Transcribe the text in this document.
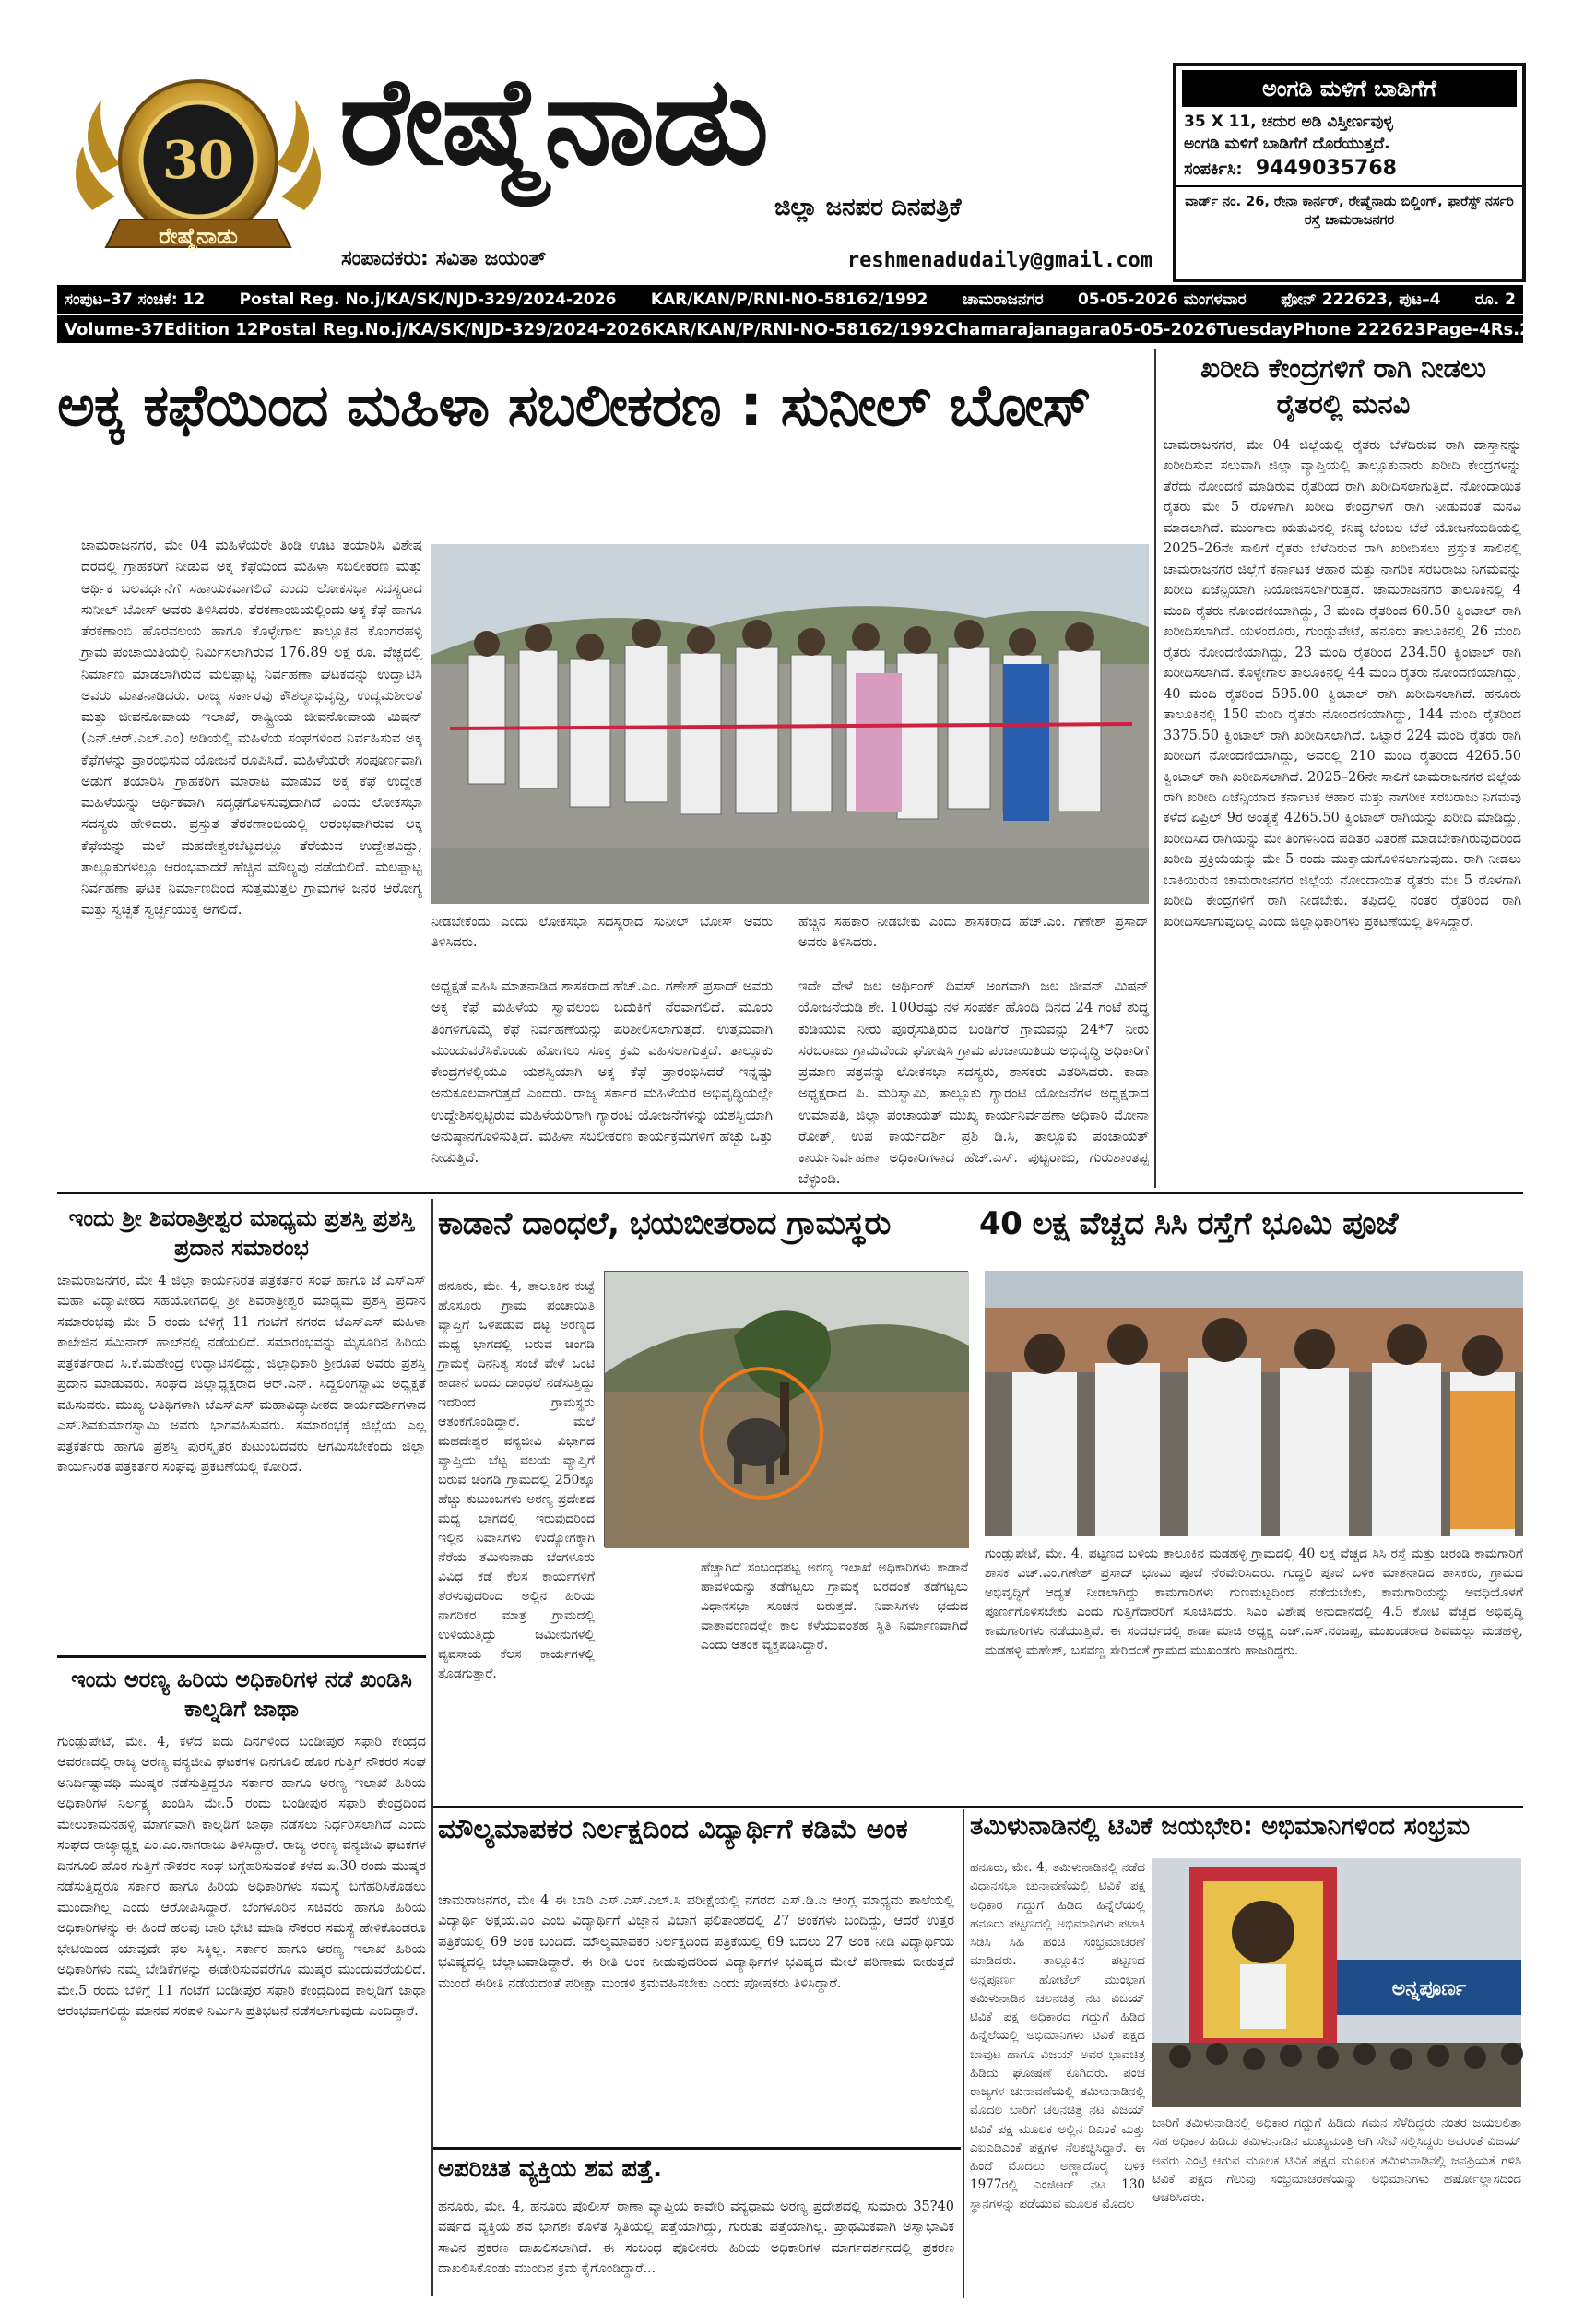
30
ರೇಷ್ಮೆನಾಡು
ರೇಷ್ಮೆನಾಡು
ಜಿಲ್ಲಾ ಜನಪರ ದಿನಪತ್ರಿಕೆ
ಸಂಪಾದಕರು: ಸವಿತಾ ಜಯಂತ್	reshmenadudaily@gmail.com
ಅಂಗಡಿ ಮಳಿಗೆ ಬಾಡಿಗೆಗೆ
35 X 11, ಚದುರ ಅಡಿ ವಿಸ್ತೀರ್ಣವುಳ್ಳ
ಅಂಗಡಿ ಮಳಿಗೆ ಬಾಡಿಗೆಗೆ ದೊರೆಯುತ್ತದೆ.
ಸಂಪರ್ಕಿಸಿ: 9449035768
ವಾರ್ಡ್ ನಂ. 26, ರೇನಾ ಕಾರ್ನರ್, ರೇಷ್ಮೆನಾಡು ಬಿಲ್ಡಿಂಗ್, ಫಾರೆಸ್ಟ್ ನರ್ಸರಿ ರಸ್ತೆ ಚಾಮರಾಜನಗರ
ಸಂಪುಟ–37 ಸಂಚಿಕೆ: 12 Postal Reg. No.j/KA/SK/NJD-329/2024-2026 KAR/KAN/P/RNI-NO-58162/1992 ಚಾಮರಾಜನಗರ 05-05-2026 ಮಂಗಳವಾರ ಫೋನ್ 222623, ಪುಟ–4 ರೂ. 2
Volume-37 Edition 12 Postal Reg.No.j/KA/SK/NJD-329/2024-2026 KAR/KAN/P/RNI-NO-58162/1992 Chamarajanagara 05-05-2026 Tuesday Phone 222623 Page-4 Rs.2
ಅಕ್ಕ ಕಫೆಯಿಂದ ಮಹಿಳಾ ಸಬಲೀಕರಣ : ಸುನೀಲ್ ಬೋಸ್
ಚಾಮರಾಜನಗರ, ಮೇ 04 ಮಹಿಳೆಯರೇ ತಿಂಡಿ ಊಟ ತಯಾರಿಸಿ ವಿಶೇಷ ದರದಲ್ಲಿ ಗ್ರಾಹಕರಿಗೆ ನೀಡುವ ಅಕ್ಕ ಕೆಫೆಯಿಂದ ಮಹಿಳಾ ಸಬಲೀಕರಣ ಮತ್ತು ಆರ್ಥಿಕ ಬಲವರ್ಧನೆಗೆ ಸಹಾಯಕವಾಗಲಿದೆ ಎಂದು ಲೋಕಸಭಾ ಸದಸ್ಯರಾದ ಸುನೀಲ್ ಬೋಸ್ ಅವರು ತಿಳಿಸಿದರು. ತೆರಕಣಾಂಬಿಯಲ್ಲಿಂದು ಅಕ್ಕ ಕೆಫೆ ಹಾಗೂ ತೆರಕಣಾಂಬಿ ಹೊರವಲಯ ಹಾಗೂ ಕೊಳ್ಳೇಗಾಲ ತಾಲ್ಲೂಕಿನ ಕೊಂಗರಹಳ್ಳಿ ಗ್ರಾಮ ಪಂಚಾಯಿತಿಯಲ್ಲಿ ನಿರ್ಮಿಸಲಾಗಿರುವ 176.89 ಲಕ್ಷ ರೂ. ವೆಚ್ಚದಲ್ಲಿ ನಿರ್ಮಾಣ ಮಾಡಲಾಗಿರುವ ಮಲಪ್ಪಾಟ್ಟ ನಿರ್ವಹಣಾ ಘಟಕವನ್ನು ಉದ್ಘಾಟಿಸಿ ಅವರು ಮಾತನಾಡಿದರು. ರಾಜ್ಯ ಸರ್ಕಾರವು ಕೌಶಲ್ಯಾಭಿವೃದ್ಧಿ, ಉದ್ಯಮಶೀಲತೆ ಮತ್ತು ಜೀವನೋಪಾಯ ಇಲಾಖೆ, ರಾಷ್ಟ್ರೀಯ ಜೀವನೋಪಾಯ ಮಿಷನ್ (ಎನ್.ಆರ್.ಎಲ್.ಎಂ) ಅಡಿಯಲ್ಲಿ ಮಹಿಳೆಯ ಸಂಘಗಳಿಂದ ನಿರ್ವಹಿಸುವ ಅಕ್ಕ ಕೆಫೆಗಳನ್ನು ಪ್ರಾರಂಭಿಸುವ ಯೋಜನೆ ರೂಪಿಸಿದೆ. ಮಹಿಳೆಯರೇ ಸಂಪೂರ್ಣವಾಗಿ ಅಡುಗೆ ತಯಾರಿಸಿ ಗ್ರಾಹಕರಿಗೆ ಮಾರಾಟ ಮಾಡುವ ಅಕ್ಕ ಕೆಫೆ ಉದ್ದೇಶ ಮಹಿಳೆಯನ್ನು ಆರ್ಥಿಕವಾಗಿ ಸದೃಢಗೊಳಿಸುವುದಾಗಿದೆ ಎಂದು ಲೋಕಸಭಾ ಸದಸ್ಯರು ಹೇಳಿದರು. ಪ್ರಸ್ತುತ ತೆರಕಣಾಂಬಿಯಲ್ಲಿ ಆರಂಭವಾಗಿರುವ ಅಕ್ಕ ಕೆಫೆಯನ್ನು ಮಲೆ ಮಹದೇಶ್ವರಬೆಟ್ಟದಲ್ಲೂ ತೆರೆಯುವ ಉದ್ದೇಶವಿದ್ದು, ತಾಲ್ಲೂಕುಗಳಲ್ಲೂ ಆರಂಭವಾದರೆ ಹೆಚ್ಚಿನ ಮೌಲ್ಯವು ನಡೆಯಲಿದೆ. ಮಲಪ್ಪಾಟ್ಟ ನಿರ್ವಹಣಾ ಘಟಕ ನಿರ್ಮಾಣದಿಂದ ಸುತ್ತಮುತ್ತಲ ಗ್ರಾಮಗಳ ಜನರ ಆರೋಗ್ಯ ಮತ್ತು ಸ್ವಚ್ಛತೆ ಸ್ವರ್ಚ್ಛಯುಕ್ತ ಆಗಲಿದೆ.
ನೀಡಬೇಕೆಂದು ಎಂದು ಲೋಕಸಭಾ ಸದಸ್ಯರಾದ ಸುನೀಲ್ ಬೋಸ್ ಅವರು ತಿಳಿಸಿದರು.
ಹೆಚ್ಚಿನ ಸಹಕಾರ ನೀಡಬೇಕು ಎಂದು ಶಾಸಕರಾದ ಹೆಚ್.ಎಂ. ಗಣೇಶ್ ಪ್ರಸಾದ್ ಅವರು ತಿಳಿಸಿದರು.
ಅಧ್ಯಕ್ಷತೆ ವಹಿಸಿ ಮಾತನಾಡಿದ ಶಾಸಕರಾದ ಹೆಚ್.ಎಂ. ಗಣೇಶ್ ಪ್ರಸಾದ್ ಅವರು ಅಕ್ಕ ಕೆಫೆ ಮಹಿಳೆಯ ಸ್ವಾವಲಂಬಿ ಬದುಕಿಗೆ ನೆರವಾಗಲಿದೆ. ಮೂರು ತಿಂಗಳಿಗೊಮ್ಮೆ ಕೆಫೆ ನಿರ್ವಹಣೆಯನ್ನು ಪರಿಶೀಲಿಸಲಾಗುತ್ತದೆ. ಉತ್ತಮವಾಗಿ ಮುಂದುವರೆಸಿಕೊಂಡು ಹೋಗಲು ಸೂಕ್ತ ಕ್ರಮ ವಹಿಸಲಾಗುತ್ತದೆ. ತಾಲ್ಲೂಕು ಕೇಂದ್ರಗಳಲ್ಲಿಯೂ ಯಶಸ್ವಿಯಾಗಿ ಅಕ್ಕ ಕೆಫೆ ಪ್ರಾರಂಭಿಸಿದರೆ ಇನ್ನಷ್ಟು ಅನುಕೂಲವಾಗುತ್ತದೆ ಎಂದರು. ರಾಜ್ಯ ಸರ್ಕಾರ ಮಹಿಳೆಯರ ಅಭಿವೃದ್ಧಿಯಲ್ಲೇ ಉದ್ದೇಶಿಸಲ್ಪಟ್ಟಿರುವ ಮಹಿಳೆಯರಿಗಾಗಿ ಗ್ಯಾರಂಟಿ ಯೋಜನೆಗಳನ್ನು ಯಶಸ್ವಿಯಾಗಿ ಅನುಷ್ಠಾನಗೊಳಿಸುತ್ತಿದೆ. ಮಹಿಳಾ ಸಬಲೀಕರಣ ಕಾರ್ಯಕ್ರಮಗಳಿಗೆ ಹೆಚ್ಚು ಒತ್ತು ನೀಡುತ್ತಿದೆ.
ಇದೇ ವೇಳೆ ಜಲ ಅರ್ಥಿಂಗ್ ದಿವಸ್ ಅಂಗವಾಗಿ ಜಲ ಜೀವನ್ ಮಿಷನ್ ಯೋಜನೆಯಡಿ ಶೇ. 100ರಷ್ಟು ನಳ ಸಂಪರ್ಕ ಹೊಂದಿ ದಿನದ 24 ಗಂಟೆ ಶುದ್ಧ ಕುಡಿಯುವ ನೀರು ಪೂರೈಸುತ್ತಿರುವ ಬಂಡಿಗೆರೆ ಗ್ರಾಮವನ್ನು 24*7 ನೀರು ಸರಬರಾಜು ಗ್ರಾಮವೆಂದು ಘೋಷಿಸಿ ಗ್ರಾಮ ಪಂಚಾಯಿತಿಯ ಅಭಿವೃದ್ಧಿ ಅಧಿಕಾರಿಗೆ ಪ್ರಮಾಣ ಪತ್ರವನ್ನು ಲೋಕಸಭಾ ಸದಸ್ಯರು, ಶಾಸಕರು ವಿತರಿಸಿದರು. ಕಾಡಾ ಅಧ್ಯಕ್ಷರಾದ ಪಿ. ಮರಿಸ್ವಾಮಿ, ತಾಲ್ಲೂಕು ಗ್ಯಾರಂಟಿ ಯೋಜನೆಗಳ ಅಧ್ಯಕ್ಷರಾದ ಉಮಾಪತಿ, ಜಿಲ್ಲಾ ಪಂಚಾಯತ್ ಮುಖ್ಯ ಕಾರ್ಯನಿರ್ವಹಣಾ ಅಧಿಕಾರಿ ಮೋನಾ ರೋತ್, ಉಪ ಕಾರ್ಯದರ್ಶಿ ಪ್ರಶಿ ಡಿ.ಸಿ, ತಾಲ್ಲೂಕು ಪಂಚಾಯತ್ ಕಾರ್ಯನಿರ್ವಹಣಾ ಅಧಿಕಾರಿಗಳಾದ ಹೆಚ್.ಎಸ್. ಪುಟ್ಟರಾಜು, ಗುರುಶಾಂತಪ್ಪ ಬೆಳ್ಳುಂಡಿ.
ಖರೀದಿ ಕೇಂದ್ರಗಳಿಗೆ ರಾಗಿ ನೀಡಲು ರೈತರಲ್ಲಿ ಮನವಿ
ಚಾಮರಾಜನಗರ, ಮೇ 04 ಜಿಲ್ಲೆಯಲ್ಲಿ ರೈತರು ಬೆಳೆದಿರುವ ರಾಗಿ ದಾಸ್ತಾನನ್ನು ಖರೀದಿಸುವ ಸಲುವಾಗಿ ಜಿಲ್ಲಾ ವ್ಯಾಪ್ತಿಯಲ್ಲಿ ತಾಲ್ಲೂಕುವಾರು ಖರೀದಿ ಕೇಂದ್ರಗಳನ್ನು ತೆರೆದು ನೋಂದಣಿ ಮಾಡಿರುವ ರೈತರಿಂದ ರಾಗಿ ಖರೀದಿಸಲಾಗುತ್ತಿದೆ. ನೋಂದಾಯಿತ ರೈತರು ಮೇ 5 ರೊಳಗಾಗಿ ಖರೀದಿ ಕೇಂದ್ರಗಳಿಗೆ ರಾಗಿ ನೀಡುವಂತೆ ಮನವಿ ಮಾಡಲಾಗಿದೆ. ಮುಂಗಾರು ಋತುವಿನಲ್ಲಿ ಕನಿಷ್ಠ ಬೆಂಬಲ ಬೆಲೆ ಯೋಜನೆಯಡಿಯಲ್ಲಿ 2025–26ನೇ ಸಾಲಿಗೆ ರೈತರು ಬೆಳೆದಿರುವ ರಾಗಿ ಖರೀದಿಸಲು ಪ್ರಸ್ತುತ ಸಾಲಿನಲ್ಲಿ ಚಾಮರಾಜನಗರ ಜಿಲ್ಲೆಗೆ ಕರ್ನಾಟಕ ಆಹಾರ ಮತ್ತು ನಾಗರಿಕ ಸರಬರಾಜು ನಿಗಮವನ್ನು ಖರೀದಿ ಏಜೆನ್ಸಿಯಾಗಿ ನಿಯೋಜಿಸಲಾಗಿರುತ್ತದೆ. ಚಾಮರಾಜನಗರ ತಾಲೂಕಿನಲ್ಲಿ 4 ಮಂದಿ ರೈತರು ನೋಂದಣಿಯಾಗಿದ್ದು, 3 ಮಂದಿ ರೈತರಿಂದ 60.50 ಕ್ವಿಂಟಾಲ್ ರಾಗಿ ಖರೀದಿಸಲಾಗಿದೆ. ಯಳಂದೂರು, ಗುಂಡ್ಲುಪೇಟೆ, ಹನೂರು ತಾಲೂಕಿನಲ್ಲಿ 26 ಮಂದಿ ರೈತರು ನೋಂದಣಿಯಾಗಿದ್ದು, 23 ಮಂದಿ ರೈತರಿಂದ 234.50 ಕ್ವಿಂಟಾಲ್ ರಾಗಿ ಖರೀದಿಸಲಾಗಿದೆ. ಕೊಳ್ಳೇಗಾಲ ತಾಲೂಕಿನಲ್ಲಿ 44 ಮಂದಿ ರೈತರು ನೋಂದಣಿಯಾಗಿದ್ದು, 40 ಮಂದಿ ರೈತರಿಂದ 595.00 ಕ್ವಿಂಟಾಲ್ ರಾಗಿ ಖರೀದಿಸಲಾಗಿದೆ. ಹನೂರು ತಾಲೂಕಿನಲ್ಲಿ 150 ಮಂದಿ ರೈತರು ನೋಂದಣಿಯಾಗಿದ್ದು, 144 ಮಂದಿ ರೈತರಿಂದ 3375.50 ಕ್ವಿಂಟಾಲ್ ರಾಗಿ ಖರೀದಿಸಲಾಗಿದೆ. ಒಟ್ಟಾರೆ 224 ಮಂದಿ ರೈತರು ರಾಗಿ ಖರೀದಿಗೆ ನೋಂದಣಿಯಾಗಿದ್ದು, ಅವರಲ್ಲಿ 210 ಮಂದಿ ರೈತರಿಂದ 4265.50 ಕ್ವಿಂಟಾಲ್ ರಾಗಿ ಖರೀದಿಸಲಾಗಿದೆ. 2025–26ನೇ ಸಾಲಿಗೆ ಚಾಮರಾಜನಗರ ಜಿಲ್ಲೆಯ ರಾಗಿ ಖರೀದಿ ಏಜೆನ್ಸಿಯಾದ ಕರ್ನಾಟಕ ಆಹಾರ ಮತ್ತು ನಾಗರೀಕ ಸರಬರಾಜು ನಿಗಮವು ಕಳೆದ ಏಪ್ರಿಲ್ 9ರ ಅಂತ್ಯಕ್ಕೆ 4265.50 ಕ್ವಿಂಟಾಲ್ ರಾಗಿಯನ್ನು ಖರೀದಿ ಮಾಡಿದ್ದು, ಖರೀದಿಸಿದ ರಾಗಿಯನ್ನು ಮೇ ತಿಂಗಳಿನಿಂದ ಪಡಿತರ ವಿತರಣೆ ಮಾಡಬೇಕಾಗಿರುವುದರಿಂದ ಖರೀದಿ ಪ್ರಕ್ರಿಯೆಯನ್ನು ಮೇ 5 ರಂದು ಮುಕ್ತಾಯಗೊಳಿಸಲಾಗುವುದು. ರಾಗಿ ನೀಡಲು ಬಾಕಿಯಿರುವ ಚಾಮರಾಜನಗರ ಜಿಲ್ಲೆಯ ನೋಂದಾಯಿತ ರೈತರು ಮೇ 5 ರೊಳಗಾಗಿ ಖರೀದಿ ಕೇಂದ್ರಗಳಿಗೆ ರಾಗಿ ನೀಡಬೇಕು. ತಪ್ಪಿದಲ್ಲಿ ನಂತರ ರೈತರಿಂದ ರಾಗಿ ಖರೀದಿಸಲಾಗುವುದಿಲ್ಲ ಎಂದು ಜಿಲ್ಲಾಧಿಕಾರಿಗಳು ಪ್ರಕಟಣೆಯಲ್ಲಿ ತಿಳಿಸಿದ್ದಾರೆ.
ಇಂದು ಶ್ರೀ ಶಿವರಾತ್ರೀಶ್ವರ ಮಾಧ್ಯಮ ಪ್ರಶಸ್ತಿ ಪ್ರಶಸ್ತಿ ಪ್ರದಾನ ಸಮಾರಂಭ
ಚಾಮರಾಜನಗರ, ಮೇ 4 ಜಿಲ್ಲಾ ಕಾರ್ಯನಿರತ ಪತ್ರಕರ್ತರ ಸಂಘ ಹಾಗೂ ಜೆ ಎಸ್‌ಎಸ್ ಮಹಾ ವಿದ್ಯಾಪೀಠದ ಸಹಯೋಗದಲ್ಲಿ ಶ್ರೀ ಶಿವರಾತ್ರೀಶ್ವರ ಮಾಧ್ಯಮ ಪ್ರಶಸ್ತಿ ಪ್ರದಾನ ಸಮಾರಂಭವು ಮೇ 5 ರಂದು ಬೆಳಿಗ್ಗೆ 11 ಗಂಟೆಗೆ ನಗರದ ಜೆಎಸ್‌ಎಸ್ ಮಹಿಳಾ ಕಾಲೇಜಿನ ಸೆಮಿನಾರ್ ಹಾಲ್‌ನಲ್ಲಿ ನಡೆಯಲಿದೆ. ಸಮಾರಂಭವನ್ನು ಮೈಸೂರಿನ ಹಿರಿಯ ಪತ್ರಕರ್ತರಾದ ಸಿ.ಕೆ.ಮಹೇಂದ್ರ ಉದ್ಘಾಟಿಸಲಿದ್ದು, ಜಿಲ್ಲಾಧಿಕಾರಿ ಶ್ರೀರೂಪ ಅವರು ಪ್ರಶಸ್ತಿ ಪ್ರದಾನ ಮಾಡುವರು. ಸಂಘದ ಜಿಲ್ಲಾಧ್ಯಕ್ಷರಾದ ಆರ್.ಎನ್. ಸಿದ್ದಲಿಂಗಸ್ವಾಮಿ ಅಧ್ಯಕ್ಷತೆ ವಹಿಸುವರು. ಮುಖ್ಯ ಅತಿಥಿಗಳಾಗಿ ಜೆಎಸ್‌ಎಸ್ ಮಹಾವಿದ್ಯಾಪೀಠದ ಕಾರ್ಯದರ್ಶಿಗಳಾದ ಎಸ್.ಶಿವಕುಮಾರಸ್ವಾಮಿ ಅವರು ಭಾಗವಹಿಸುವರು. ಸಮಾರಂಭಕ್ಕೆ ಜಿಲ್ಲೆಯ ಎಲ್ಲ ಪತ್ರಕರ್ತರು ಹಾಗೂ ಪ್ರಶಸ್ತಿ ಪುರಸ್ಕೃತರ ಕುಟುಂಬದವರು ಆಗಮಿಸಬೇಕೆಂದು ಜಿಲ್ಲಾ ಕಾರ್ಯನಿರತ ಪತ್ರಕರ್ತರ ಸಂಘವು ಪ್ರಕಟಣೆಯಲ್ಲಿ ಕೋರಿದೆ.
ಇಂದು ಅರಣ್ಯ ಹಿರಿಯ ಅಧಿಕಾರಿಗಳ ನಡೆ ಖಂಡಿಸಿ ಕಾಲ್ನಡಿಗೆ ಜಾಥಾ
ಗುಂಡ್ಲುಪೇಟೆ, ಮೇ. 4, ಕಳೆದ ಐದು ದಿನಗಳಿಂದ ಬಂಡೀಪುರ ಸಫಾರಿ ಕೇಂದ್ರದ ಆವರಣದಲ್ಲಿ ರಾಜ್ಯ ಅರಣ್ಯ ವನ್ಯಜೀವಿ ಘಟಕಗಳ ದಿನಗೂಲಿ ಹೊರ ಗುತ್ತಿಗೆ ನೌಕರರ ಸಂಘ ಅನಿರ್ದಿಷ್ಟಾವಧಿ ಮುಷ್ಕರ ನಡೆಸುತ್ತಿದ್ದರೂ ಸರ್ಕಾರ ಹಾಗೂ ಅರಣ್ಯ ಇಲಾಖೆ ಹಿರಿಯ ಅಧಿಕಾರಿಗಳ ನಿರ್ಲಕ್ಷ್ಯ ಖಂಡಿಸಿ ಮೇ.5 ರಂದು ಬಂಡೀಪುರ ಸಫಾರಿ ಕೇಂದ್ರದಿಂದ ಮೇಲುಕಾಮನಹಳ್ಳಿ ಮಾರ್ಗವಾಗಿ ಕಾಲ್ನಡಿಗೆ ಜಾಥಾ ನಡೆಸಲು ನಿರ್ಧರಿಸಲಾಗಿದೆ ಎಂದು ಸಂಘದ ರಾಜ್ಯಾಧ್ಯಕ್ಷ ಎಂ.ಎಂ.ನಾಗರಾಜು ತಿಳಿಸಿದ್ದಾರೆ. ರಾಜ್ಯ ಅರಣ್ಯ ವನ್ಯಜೀವಿ ಘಟಕಗಳ ದಿನಗೂಲಿ ಹೊರ ಗುತ್ತಿಗೆ ನೌಕರರ ಸಂಘ ಬಗ್ಗೆಹರಿಸುವಂತೆ ಕಳೆದ ಏ.30 ರಂದು ಮುಷ್ಕರ ನಡೆಸುತ್ತಿದ್ದರೂ ಸರ್ಕಾರ ಹಾಗೂ ಹಿರಿಯ ಅಧಿಕಾರಿಗಳು ಸಮಸ್ಯೆ ಬಗೆಹರಿಸಿಕೊಡಲು ಮುಂದಾಗಿಲ್ಲ ಎಂದು ಆರೋಪಿಸಿದ್ದಾರೆ. ಬೆಂಗಳೂರಿನ ಸಚಿವರು ಹಾಗೂ ಹಿರಿಯ ಅಧಿಕಾರಿಗಳನ್ನು ಈ ಹಿಂದೆ ಹಲವು ಬಾರಿ ಭೇಟಿ ಮಾಡಿ ನೌಕರರ ಸಮಸ್ಯೆ ಹೇಳಿಕೊಂಡರೂ ಭೇಟಿಯಿಂದ ಯಾವುದೇ ಫಲ ಸಿಕ್ಕಿಲ್ಲ. ಸರ್ಕಾರ ಹಾಗೂ ಅರಣ್ಯ ಇಲಾಖೆ ಹಿರಿಯ ಅಧಿಕಾರಿಗಳು ನಮ್ಮ ಬೇಡಿಕೆಗಳನ್ನು ಈಡೇರಿಸುವವರೆಗೂ ಮುಷ್ಕರ ಮುಂದುವರೆಯಲಿದೆ. ಮೇ.5 ರಂದು ಬೆಳಿಗ್ಗೆ 11 ಗಂಟೆಗೆ ಬಂಡೀಪುರ ಸಫಾರಿ ಕೇಂದ್ರದಿಂದ ಕಾಲ್ನಡಿಗೆ ಜಾಥಾ ಆರಂಭವಾಗಲಿದ್ದು ಮಾನವ ಸರಪಳಿ ನಿರ್ಮಿಸಿ ಪ್ರತಿಭಟನೆ ನಡೆಸಲಾಗುವುದು ಎಂದಿದ್ದಾರೆ.
ಕಾಡಾನೆ ದಾಂಧಲೆ, ಭಯಬೀತರಾದ ಗ್ರಾಮಸ್ಥರು
ಹನೂರು, ಮೇ. 4, ತಾಲೂಕಿನ ಕುಟ್ಟೆ ಹೊಸೂರು ಗ್ರಾಮ ಪಂಚಾಯಿತಿ ವ್ಯಾಪ್ತಿಗೆ ಒಳಪಡುವ ದಟ್ಟ ಅರಣ್ಯದ ಮಧ್ಯ ಭಾಗದಲ್ಲಿ ಬರುವ ಚಂಗಡಿ ಗ್ರಾಮಕ್ಕೆ ದಿನನಿತ್ಯ ಸಂಜೆ ವೇಳೆ ಒಂಟಿ ಕಾಡಾನೆ ಬಂದು ದಾಂಧಲೆ ನಡೆಸುತ್ತಿದ್ದು ಇದರಿಂದ ಗ್ರಾಮಸ್ಥರು ಆತಂಕಗೊಂಡಿದ್ದಾರೆ. ಮಲೆ ಮಹದೇಶ್ವರ ವನ್ಯಜೀವಿ ವಿಭಾಗದ ವ್ಯಾಪ್ತಿಯ ಬೆಟ್ಟ ವಲಯ ವ್ಯಾಪ್ತಿಗೆ ಬರುವ ಚಂಗಡಿ ಗ್ರಾಮದಲ್ಲಿ 250ಕ್ಕೂ ಹೆಚ್ಚು ಕುಟುಂಬಗಳು ಅರಣ್ಯ ಪ್ರದೇಶದ ಮಧ್ಯ ಭಾಗದಲ್ಲಿ ಇರುವುದರಿಂದ ಇಲ್ಲಿನ ನಿವಾಸಿಗಳು ಉದ್ಯೋಗಕ್ಕಾಗಿ ನೆರೆಯ ತಮಿಳುನಾಡು ಬೆಂಗಳೂರು ವಿವಿಧ ಕಡೆ ಕೆಲಸ ಕಾರ್ಯಗಳಿಗೆ ತೆರಳುವುದರಿಂದ ಅಲ್ಲಿನ ಹಿರಿಯ ನಾಗರಿಕರ ಮಾತ್ರ ಗ್ರಾಮದಲ್ಲಿ ಉಳಿಯುತ್ತಿದ್ದು ಜಮೀನುಗಳಲ್ಲಿ ವ್ಯವಸಾಯ ಕೆಲಸ ಕಾರ್ಯಗಳಲ್ಲಿ ತೊಡಗುತ್ತಾರೆ.
ಹೆಚ್ಚಾಗಿದೆ ಸಂಬಂಧಪಟ್ಟ ಅರಣ್ಯ ಇಲಾಖೆ ಅಧಿಕಾರಿಗಳು ಕಾಡಾನೆ ಹಾವಳಿಯನ್ನು ತಡೆಗಟ್ಟಲು ಗ್ರಾಮಕ್ಕೆ ಬರದಂತೆ ತಡೆಗಟ್ಟಲು ವಿಧಾನಸಭಾ ಸೂಚನೆ ಬರುತ್ತದೆ. ನಿವಾಸಿಗಳು ಭಯದ ವಾತಾವರಣದಲ್ಲೇ ಕಾಲ ಕಳೆಯುವಂತಹ ಸ್ಥಿತಿ ನಿರ್ಮಾಣವಾಗಿದೆ ಎಂದು ಆತಂಕ ವ್ಯಕ್ತಪಡಿಸಿದ್ದಾರೆ.
40 ಲಕ್ಷ ವೆಚ್ಚದ ಸಿಸಿ ರಸ್ತೆಗೆ ಭೂಮಿ ಪೂಜೆ
ಗುಂಡ್ಲುಪೇಟೆ, ಮೇ. 4, ಪಟ್ಟಣದ ಬಳಿಯ ತಾಲೂಕಿನ ಮಡಹಳ್ಳಿ ಗ್ರಾಮದಲ್ಲಿ 40 ಲಕ್ಷ ವೆಚ್ಚದ ಸಿಸಿ ರಸ್ತೆ ಮತ್ತು ಚರಂಡಿ ಕಾಮಗಾರಿಗೆ ಶಾಸಕ ಎಚ್.ಎಂ.ಗಣೇಶ್ ಪ್ರಸಾದ್ ಭೂಮಿ ಪೂಜೆ ನೆರವೇರಿಸಿದರು. ಗುದ್ದಲಿ ಪೂಜೆ ಬಳಿಕ ಮಾತನಾಡಿದ ಶಾಸಕರು, ಗ್ರಾಮದ ಅಭಿವೃದ್ಧಿಗೆ ಆದ್ಯತೆ ನೀಡಲಾಗಿದ್ದು ಕಾಮಗಾರಿಗಳು ಗುಣಮಟ್ಟದಿಂದ ನಡೆಯಬೇಕು, ಕಾಮಗಾರಿಯನ್ನು ಅವಧಿಯೊಳಗೆ ಪೂರ್ಣಗೊಳಿಸಬೇಕು ಎಂದು ಗುತ್ತಿಗೆದಾರರಿಗೆ ಸೂಚಿಸಿದರು. ಸಿಎಂ ವಿಶೇಷ ಅನುದಾನದಲ್ಲಿ 4.5 ಕೋಟಿ ವೆಚ್ಚದ ಅಭಿವೃದ್ಧಿ ಕಾಮಗಾರಿಗಳು ನಡೆಯುತ್ತಿವೆ. ಈ ಸಂದರ್ಭದಲ್ಲಿ ಕಾಡಾ ಮಾಜಿ ಅಧ್ಯಕ್ಷ ಎಚ್.ಎಸ್.ನಂಜಪ್ಪ, ಮುಖಂಡರಾದ ಶಿವಮಲ್ಲು ಮಡಹಳ್ಳಿ, ಮಡಹಳ್ಳಿ ಮಹೇಶ್, ಬಸವಣ್ಣ ಸೇರಿದಂತೆ ಗ್ರಾಮದ ಮುಖಂಡರು ಹಾಜರಿದ್ದರು.
ಮೌಲ್ಯಮಾಪಕರ ನಿರ್ಲಕ್ಷದಿಂದ ವಿದ್ಯಾರ್ಥಿಗೆ ಕಡಿಮೆ ಅಂಕ
ಚಾಮರಾಜನಗರ, ಮೇ 4 ಈ ಬಾರಿ ಎಸ್.ಎಸ್.ಎಲ್.ಸಿ ಪರೀಕ್ಷೆಯಲ್ಲಿ ನಗರದ ಎಸ್.ಡಿ.ಎ ಆಂಗ್ಲ ಮಾಧ್ಯಮ ಶಾಲೆಯಲ್ಲಿ ವಿದ್ಯಾರ್ಥಿ ಅಕ್ಷಯ.ಎಂ ಎಂಬ ವಿದ್ಯಾರ್ಥಿಗೆ ವಿಜ್ಞಾನ ವಿಭಾಗ ಫಲಿತಾಂಶದಲ್ಲಿ 27 ಅಂಕಗಳು ಬಂದಿದ್ದು, ಆದರೆ ಉತ್ತರ ಪತ್ರಿಕೆಯಲ್ಲಿ 69 ಅಂಕ ಬಂದಿದೆ. ಮೌಲ್ಯಮಾಪಕರ ನಿರ್ಲಕ್ಷದಿಂದ ಪತ್ರಿಕೆಯಲ್ಲಿ 69 ಬದಲು 27 ಅಂಕ ನೀಡಿ ವಿದ್ಯಾರ್ಥಿಯ ಭವಿಷ್ಯದಲ್ಲಿ ಚೆಲ್ಲಾಟವಾಡಿದ್ದಾರೆ. ಈ ರೀತಿ ಅಂಕ ನೀಡುವುದರಿಂದ ವಿದ್ಯಾರ್ಥಿಗಳ ಭವಿಷ್ಯದ ಮೇಲೆ ಪರಿಣಾಮ ಬೀರುತ್ತದೆ ಮುಂದೆ ಈರೀತಿ ನಡೆಯದಂತೆ ಪರೀಕ್ಷಾ ಮಂಡಳಿ ಕ್ರಮವಹಿಸಬೇಕು ಎಂದು ಪೋಷಕರು ತಿಳಿಸಿದ್ದಾರೆ.
ಅಪರಿಚಿತ ವ್ಯಕ್ತಿಯ ಶವ ಪತ್ತೆ.
ಹನೂರು, ಮೇ. 4, ಹನೂರು ಪೊಲೀಸ್ ಠಾಣಾ ವ್ಯಾಪ್ತಿಯ ಕಾವೇರಿ ವನ್ಯಧಾಮ ಅರಣ್ಯ ಪ್ರದೇಶದಲ್ಲಿ ಸುಮಾರು 35?40 ವರ್ಷದ ವ್ಯಕ್ತಿಯ ಶವ ಭಾಗಶಃ ಕೊಳೆತ ಸ್ಥಿತಿಯಲ್ಲಿ ಪತ್ತೆಯಾಗಿದ್ದು, ಗುರುತು ಪತ್ತೆಯಾಗಿಲ್ಲ. ಪ್ರಾಥಮಿಕವಾಗಿ ಅಸ್ವಾಭಾವಿಕ ಸಾವಿನ ಪ್ರಕರಣ ದಾಖಲಿಸಲಾಗಿದೆ. ಈ ಸಂಬಂಧ ಪೊಲೀಸರು ಹಿರಿಯ ಅಧಿಕಾರಿಗಳ ಮಾರ್ಗದರ್ಶನದಲ್ಲಿ ಪ್ರಕರಣ ದಾಖಲಿಸಿಕೊಂಡು ಮುಂದಿನ ಕ್ರಮ ಕೈಗೊಂಡಿದ್ದಾರೆ...
ತಮಿಳುನಾಡಿನಲ್ಲಿ ಟಿವಿಕೆ ಜಯಭೇರಿ: ಅಭಿಮಾನಿಗಳಿಂದ ಸಂಭ್ರಮ
ಹನೂರು, ಮೇ. 4, ತಮಿಳುನಾಡಿನಲ್ಲಿ ನಡೆದ ವಿಧಾನಸಭಾ ಚುನಾವಣೆಯಲ್ಲಿ ಟಿವಿಕೆ ಪಕ್ಷ ಅಧಿಕಾರ ಗದ್ದುಗೆ ಹಿಡಿದ ಹಿನ್ನೆಲೆಯಲ್ಲಿ ಹನೂರು ಪಟ್ಟಣದಲ್ಲಿ ಅಭಿಮಾನಿಗಳು ಪಟಾಕಿ ಸಿಡಿಸಿ ಸಿಹಿ ಹಂಚಿ ಸಂಭ್ರಮಾಚರಣೆ ಮಾಡಿದರು. ತಾಲ್ಲೂಕಿನ ಪಟ್ಟಣದ ಅನ್ನಪೂರ್ಣ ಹೋಟೆಲ್ ಮುಂಭಾಗ ತಮಿಳುನಾಡಿನ ಚಲನಚಿತ್ರ ನಟ ವಿಜಯ್ ಟಿವಿಕೆ ಪಕ್ಷ ಅಧಿಕಾರದ ಗದ್ದುಗೆ ಹಿಡಿದ ಹಿನ್ನೆಲೆಯಲ್ಲಿ ಅಭಿಮಾನಿಗಳು ಟಿವಿಕೆ ಪಕ್ಷದ ಬಾವುಟ ಹಾಗೂ ವಿಜಯ್ ಅವರ ಭಾವಚಿತ್ರ ಹಿಡಿದು ಘೋಷಣೆ ಕೂಗಿದರು. ಪಂಚ ರಾಜ್ಯಗಳ ಚುನಾವಣೆಯಲ್ಲಿ ತಮಿಳುನಾಡಿನಲ್ಲಿ ಮೊದಲ ಬಾರಿಗೆ ಚಲನಚಿತ್ರ ನಟ ವಿಜಯ್ ಟಿವಿಕೆ ಪಕ್ಷ ಮೂಲಕ ಅಲ್ಲಿನ ಡಿಎಂಕೆ ಮತ್ತು ಎಐಎಡಿಎಂಕೆ ಪಕ್ಷಗಳ ನೆಲಕಚ್ಚಿಸಿದ್ದಾರೆ. ಈ ಹಿಂದೆ ಮೊದಲು ಅಣ್ಣಾದೊರೈ ಬಳಿಕ 1977ರಲ್ಲಿ ಎಂಜಿಆರ್ ನಟ 130 ಸ್ಥಾನಗಳನ್ನು ಪಡೆಯುವ ಮೂಲಕ ಮೊದಲ
ಅನ್ನಪೂರ್ಣ
ಬಾರಿಗೆ ತಮಿಳುನಾಡಿನಲ್ಲಿ ಅಧಿಕಾರ ಗದ್ದುಗೆ ಹಿಡಿದು ಗಮನ ಸೆಳೆದಿದ್ದರು ನಂತರ ಜಯಲಲಿತಾ ಸಹ ಅಧಿಕಾರ ಹಿಡಿದು ತಮಿಳುನಾಡಿನ ಮುಖ್ಯಮಂತ್ರಿ ಆಗಿ ಸೇವೆ ಸಲ್ಲಿಸಿದ್ದರು ಅದರಂತೆ ವಿಜಯ್ ಅವರು ಎಂಟ್ರಿ ಆಗುವ ಮೂಲಕ ಟಿವಿಕೆ ಪಕ್ಷದ ಮೂಲಕ ತಮಿಳುನಾಡಿನಲ್ಲಿ ಜನಪ್ರಿಯತೆ ಗಳಿಸಿ ಟಿವಿಕೆ ಪಕ್ಷದ ಗೆಲುವು ಸಂಭ್ರಮಾಚರಣೆಯನ್ನು ಅಭಿಮಾನಿಗಳು ಹರ್ಷೋಲ್ಲಾಸದಿಂದ ಆಚರಿಸಿದರು.
